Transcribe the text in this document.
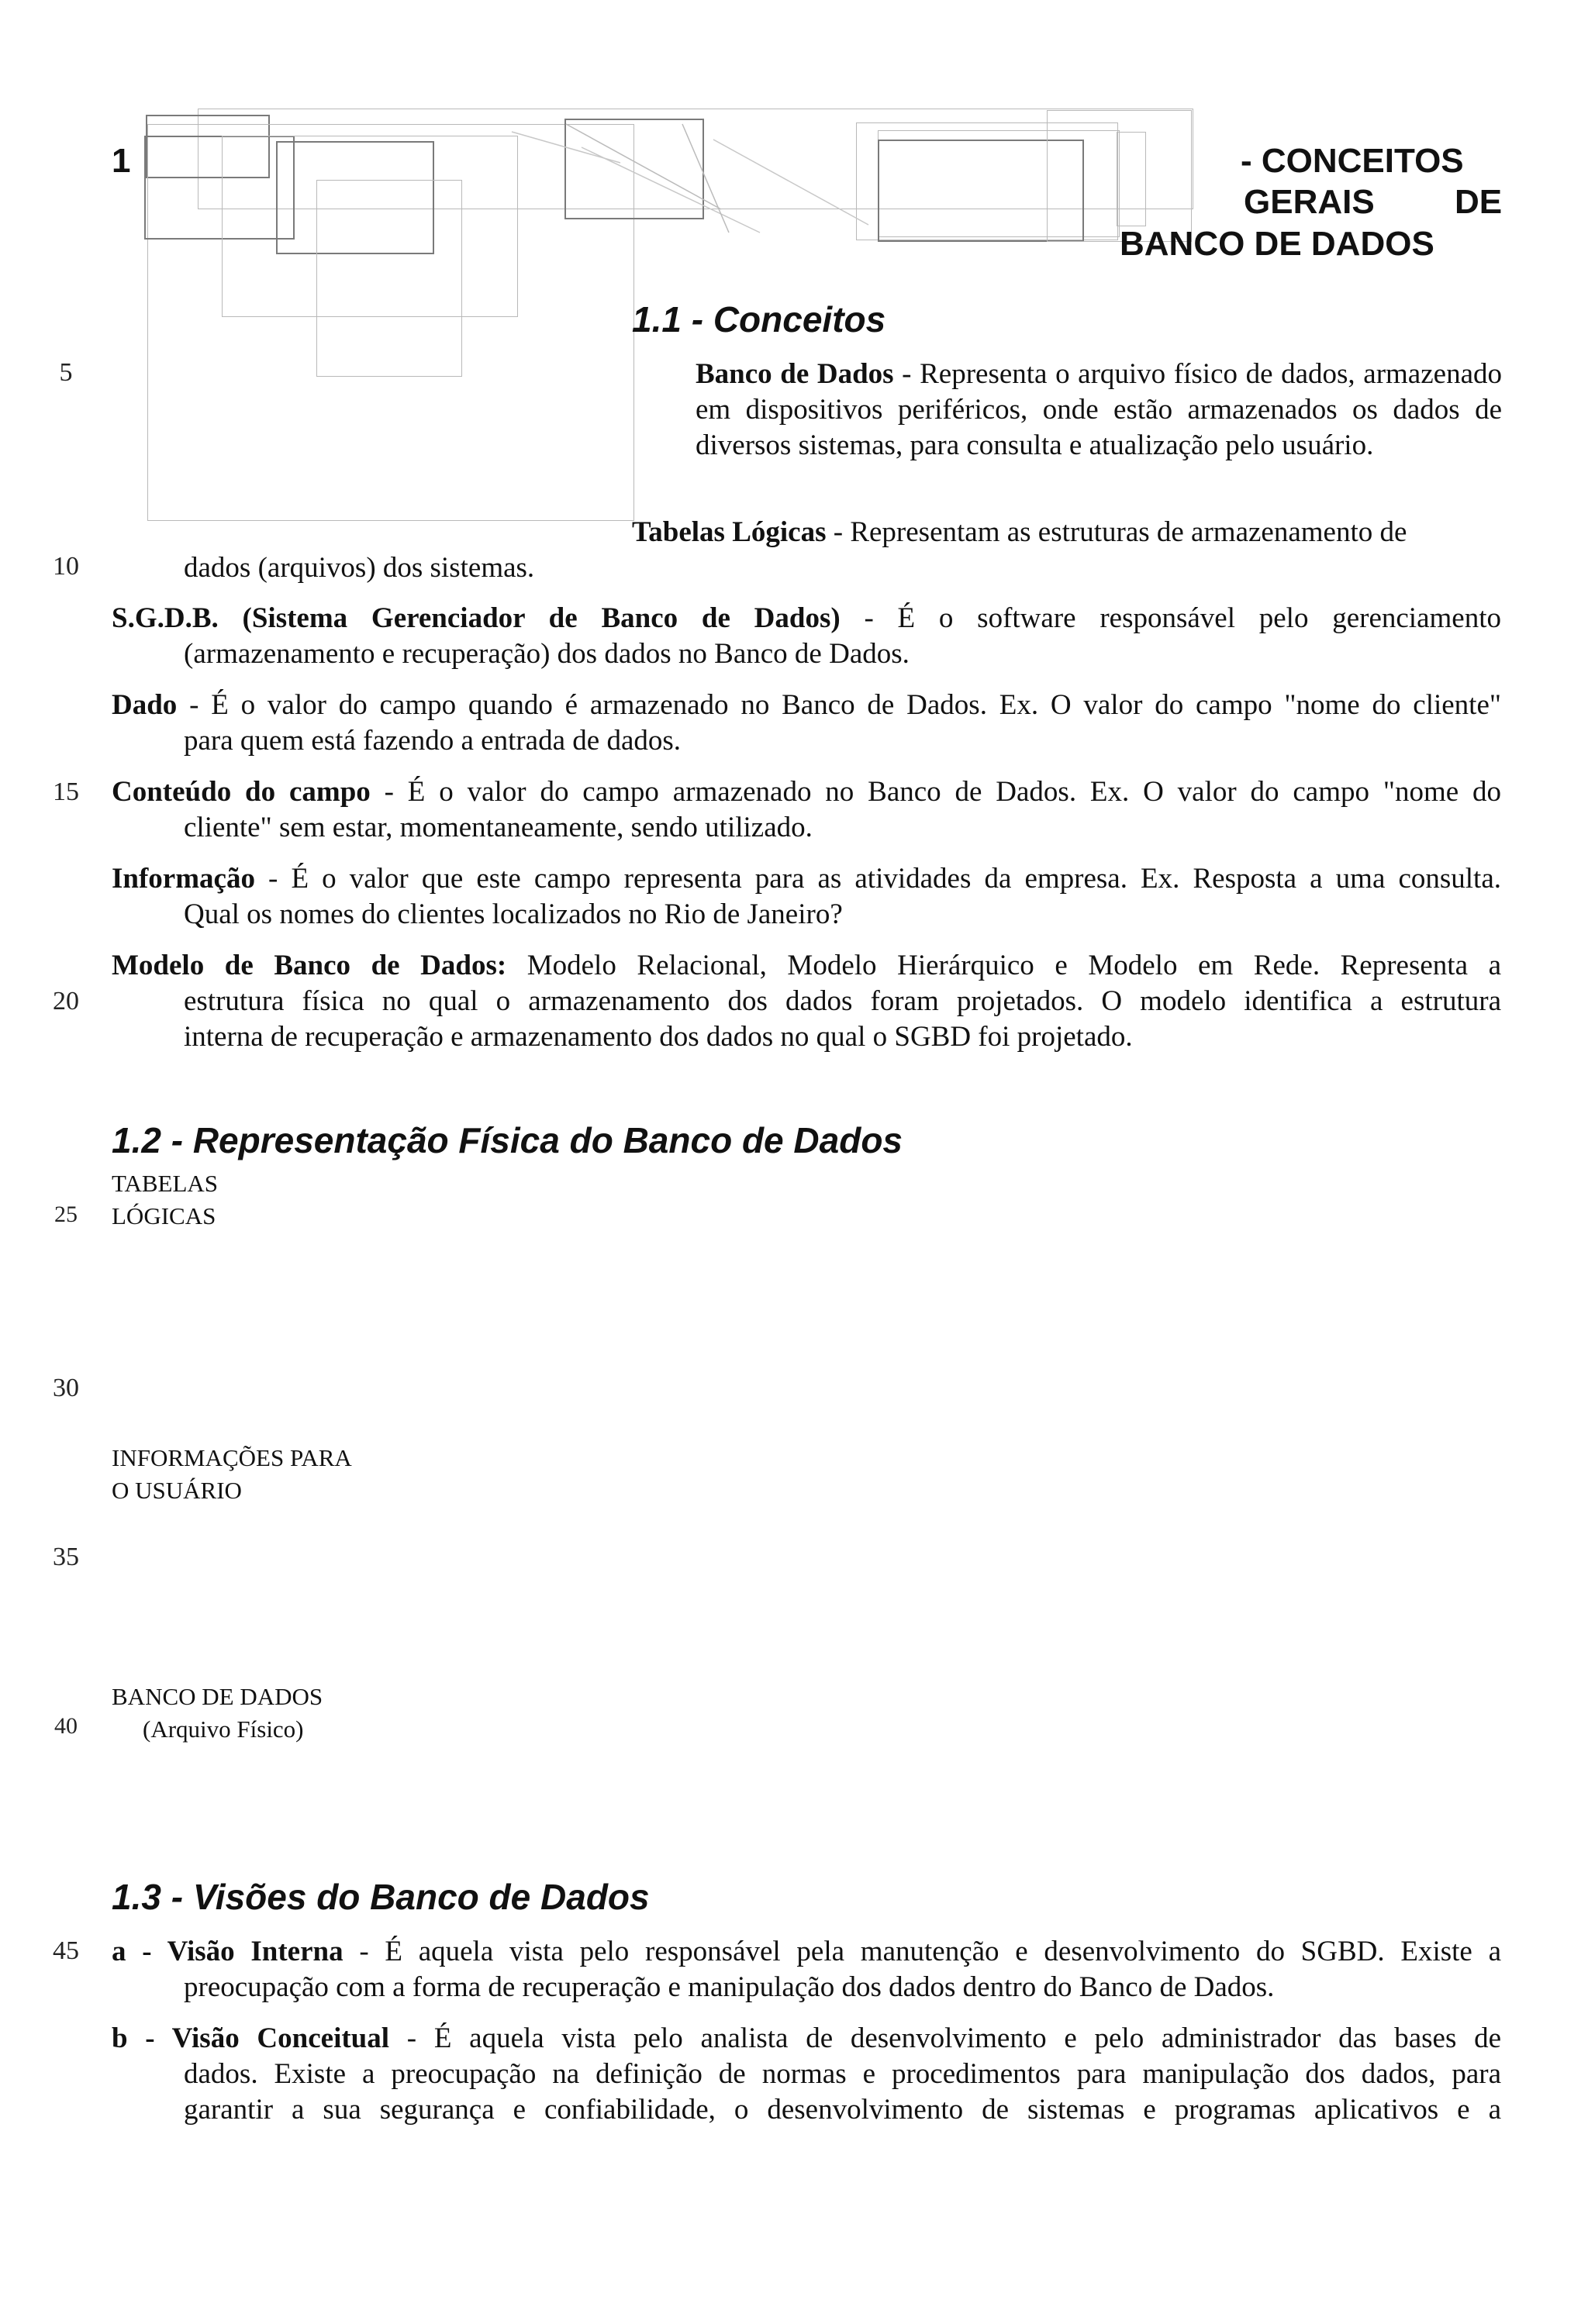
1	- CONCEITOS
GERAIS DE
BANCO DE DADOS
5
10
15
20
25
30
35
40
45
1.1 - Conceitos
Banco de Dados - Representa o arquivo físico de dados, armazenado em dispositivos periféricos, onde estão armazenados os dados de diversos sistemas, para consulta e atualização pelo usuário.
Tabelas Lógicas - Representam as estruturas de armazenamento de
dados (arquivos) dos sistemas.
S.G.D.B. (Sistema Gerenciador de Banco de Dados) - É o software responsável pelo gerenciamento
(armazenamento e recuperação) dos dados no Banco de Dados.
Dado - É o valor do campo quando é armazenado no Banco de Dados. Ex. O valor do campo "nome do cliente"
para quem está fazendo a entrada de dados.
Conteúdo do campo - É o valor do campo armazenado no Banco de Dados. Ex. O valor do campo "nome do
cliente" sem estar, momentaneamente, sendo utilizado.
Informação - É o valor que este campo representa para as atividades da empresa. Ex. Resposta a uma consulta.
Qual os nomes do clientes localizados no Rio de Janeiro?
Modelo de Banco de Dados: Modelo Relacional, Modelo Hierárquico e Modelo em Rede. Representa a
estrutura física no qual o armazenamento dos dados foram projetados. O modelo identifica a estrutura
interna de recuperação e armazenamento dos dados no qual o SGBD foi projetado.
1.2 - Representação Física do Banco de Dados
TABELAS
LÓGICAS
INFORMAÇÕES PARA
O USUÁRIO
BANCO DE DADOS
(Arquivo Físico)
1.3 - Visões do Banco de Dados
a - Visão Interna - É aquela vista pelo responsável pela manutenção e desenvolvimento do SGBD. Existe a
preocupação com a forma de recuperação e manipulação dos dados dentro do Banco de Dados.
b - Visão Conceitual - É aquela vista pelo analista de desenvolvimento e pelo administrador das bases de
dados. Existe a preocupação na definição de normas e procedimentos para manipulação dos dados, para
garantir a sua segurança e confiabilidade, o desenvolvimento de sistemas e programas aplicativos e a
